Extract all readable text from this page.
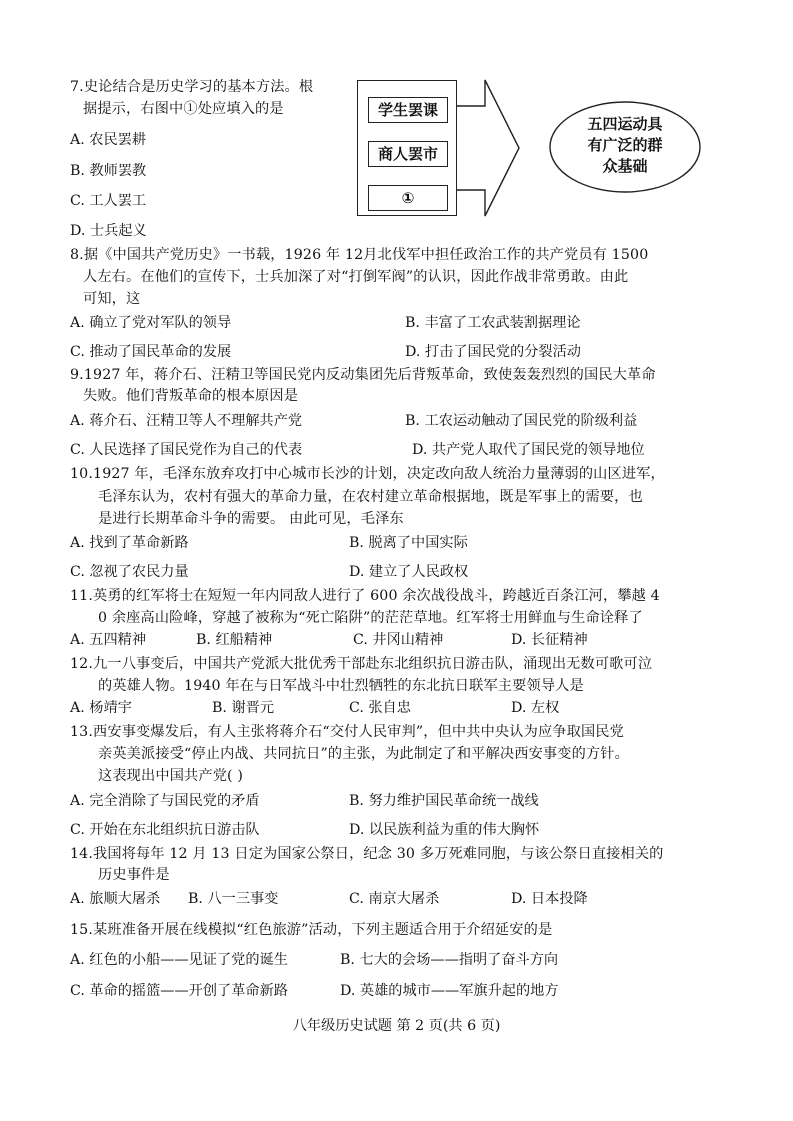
学生罢课
商人罢市
①
五四运动具
有广泛的群
众基础
7.史论结合是历史学习的基本方法。根
据提示，右图中①处应填入的是
A. 农民罢耕
B. 教师罢教
C. 工人罢工
D. 士兵起义
8.据《中国共产党历史》一书载，1926 年 12月北伐军中担任政治工作的共产党员有 1500
人左右。在他们的宣传下，士兵加深了对“打倒军阀”的认识，因此作战非常勇敢。由此
可知，这
A. 确立了党对军队的领导	B. 丰富了工农武装割据理论
C. 推动了国民革命的发展	D. 打击了国民党的分裂活动
9.1927 年，蒋介石、汪精卫等国民党内反动集团先后背叛革命，致使轰轰烈烈的国民大革命
失败。他们背叛革命的根本原因是
A. 蒋介石、汪精卫等人不理解共产党	B. 工农运动触动了国民党的阶级利益
C. 人民选择了国民党作为自己的代表	D. 共产党人取代了国民党的领导地位
10.1927 年，毛泽东放弃攻打中心城市长沙的计划，决定改向敌人统治力量薄弱的山区进军，
毛泽东认为，农村有强大的革命力量，在农村建立革命根据地，既是军事上的需要，也
是进行长期革命斗争的需要。 由此可见，毛泽东
A. 找到了革命新路	B. 脱离了中国实际
C. 忽视了农民力量	D. 建立了人民政权
11.英勇的红军将士在短短一年内同敌人进行了 600 余次战役战斗，跨越近百条江河，攀越 4
0 余座高山险峰，穿越了被称为“死亡陷阱”的茫茫草地。红军将士用鲜血与生命诠释了
A. 五四精神	B. 红船精神	C. 井冈山精神	D. 长征精神
12.九一八事变后，中国共产党派大批优秀干部赴东北组织抗日游击队，涌现出无数可歌可泣
的英雄人物。1940 年在与日军战斗中壮烈牺牲的东北抗日联军主要领导人是
A. 杨靖宇	B. 谢晋元	C. 张自忠	D. 左权
13.西安事变爆发后，有人主张将蒋介石“交付人民审判”，但中共中央认为应争取国民党
亲英美派接受“停止内战、共同抗日”的主张，为此制定了和平解决西安事变的方针。
这表现出中国共产党( )
A. 完全消除了与国民党的矛盾	B. 努力维护国民革命统一战线
C. 开始在东北组织抗日游击队	D. 以民族利益为重的伟大胸怀
14.我国将每年 12 月 13 日定为国家公祭日，纪念 30 多万死难同胞，与该公祭日直接相关的
历史事件是
A. 旅顺大屠杀 B. 八一三事变	C. 南京大屠杀	D. 日本投降
15.某班准备开展在线模拟“红色旅游”活动，下列主题适合用于介绍延安的是
A. 红色的小船——见证了党的诞生	B. 七大的会场——指明了奋斗方向
C. 革命的摇篮——开创了革命新路	D. 英雄的城市——军旗升起的地方
八年级历史试题 第 2 页(共 6 页)
